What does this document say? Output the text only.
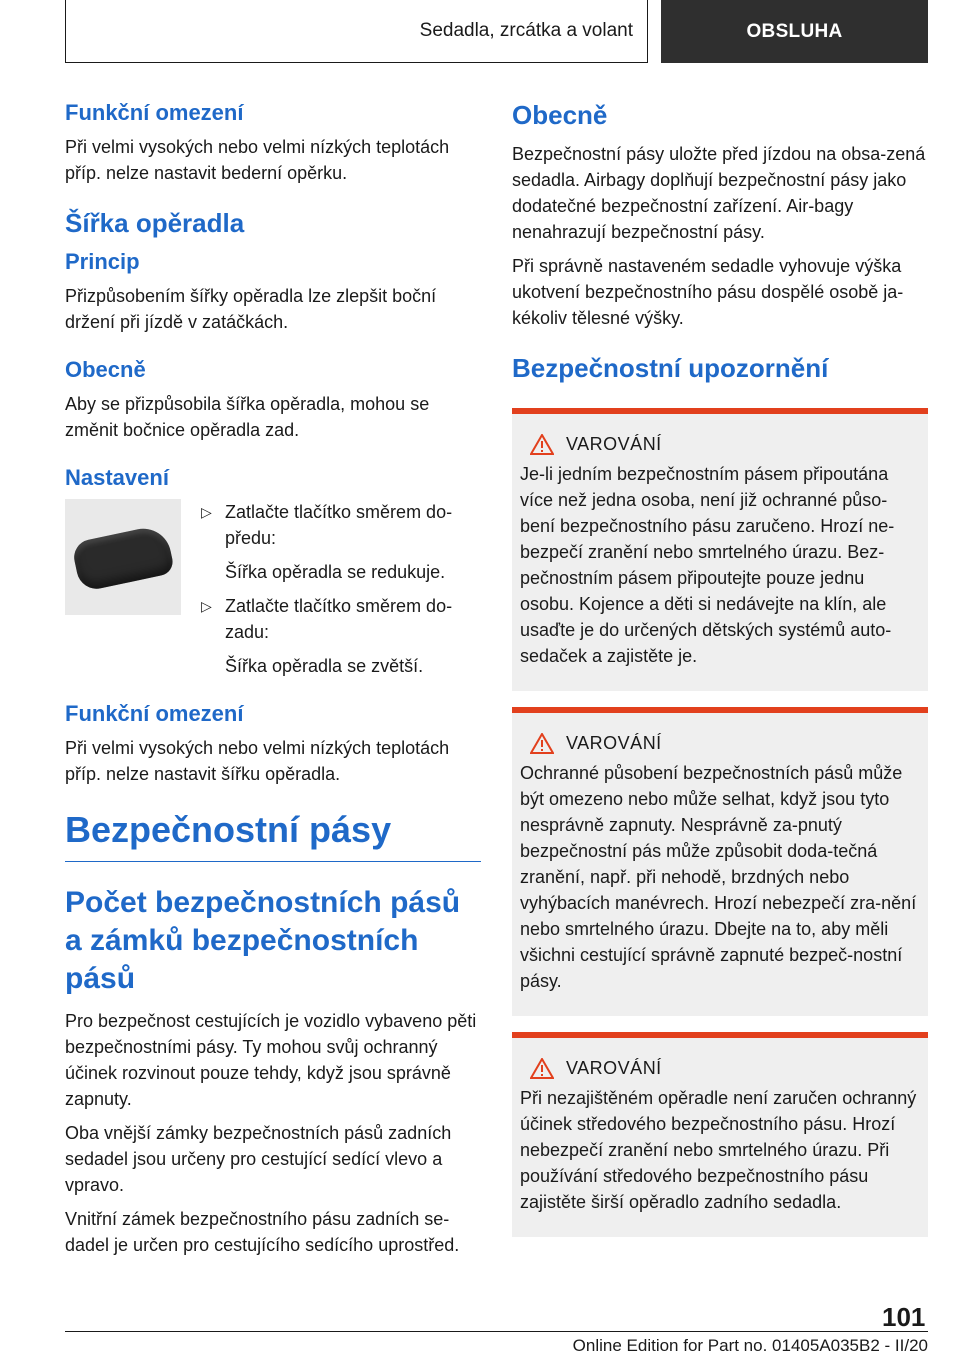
Sedadla, zrcátka a volant	OBSLUHA
Funkční omezení

Při velmi vysokých nebo velmi nízkých teplotách příp. nelze nastavit bederní opěrku.

Šířka opěradla
Princip

Přizpůsobením šířky opěradla lze zlepšit boční držení při jízdě v zatáčkách.

Obecně

Aby se přizpůsobila šířka opěradla, mohou se změnit bočnice opěradla zad.

Nastavení
▷ Zatlačte tlačítko směrem do-předu:

Šířka opěradla se redukuje.

▷ Zatlačte tlačítko směrem do-zadu:

Šířka opěradla se zvětší.

Funkční omezení

Při velmi vysokých nebo velmi nízkých teplotách příp. nelze nastavit šířku opěradla.

Bezpečnostní pásy
Počet bezpečnostních pásů a zámků bezpečnostních pásů

Pro bezpečnost cestujících je vozidlo vybaveno pěti bezpečnostními pásy. Ty mohou svůj ochranný účinek rozvinout pouze tehdy, když jsou správně zapnuty.

Oba vnější zámky bezpečnostních pásů zadních sedadel jsou určeny pro cestující sedící vlevo a vpravo.

Vnitřní zámek bezpečnostního pásu zadních se-dadel je určen pro cestujícího sedícího uprostřed.

Obecně

Bezpečnostní pásy uložte před jízdou na obsa-zená sedadla. Airbagy doplňují bezpečnostní pásy jako dodatečné bezpečnostní zařízení. Air-bagy nenahrazují bezpečnostní pásy.

Při správně nastaveném sedadle vyhovuje výška ukotvení bezpečnostního pásu dospělé osobě ja-kékoliv tělesné výšky.

Bezpečnostní upozornění
VAROVÁNÍ

Je-li jedním bezpečnostním pásem připoutána více než jedna osoba, není již ochranné půso-bení bezpečnostního pásu zaručeno. Hrozí ne-bezpečí zranění nebo smrtelného úrazu. Bez-pečnostním pásem připoutejte pouze jednu osobu. Kojence a děti si nedávejte na klín, ale usaďte je do určených dětských systémů auto-sedaček a zajistěte je.

VAROVÁNÍ

Ochranné působení bezpečnostních pásů může být omezeno nebo může selhat, když jsou tyto nesprávně zapnuty. Nesprávně za-pnutý bezpečnostní pás může způsobit doda-tečná zranění, např. při nehodě, brzdných nebo vyhýbacích manévrech. Hrozí nebezpečí zra-nění nebo smrtelného úrazu. Dbejte na to, aby měli všichni cestující správně zapnuté bezpeč-nostní pásy.

VAROVÁNÍ

Při nezajištěném opěradle není zaručen ochranný účinek středového bezpečnostního pásu. Hrozí nebezpečí zranění nebo smrtelného úrazu. Při používání středového bezpečnostního pásu zajistěte širší opěradlo zadního sedadla.

101
Online Edition for Part no. 01405A035B2 - II/20
